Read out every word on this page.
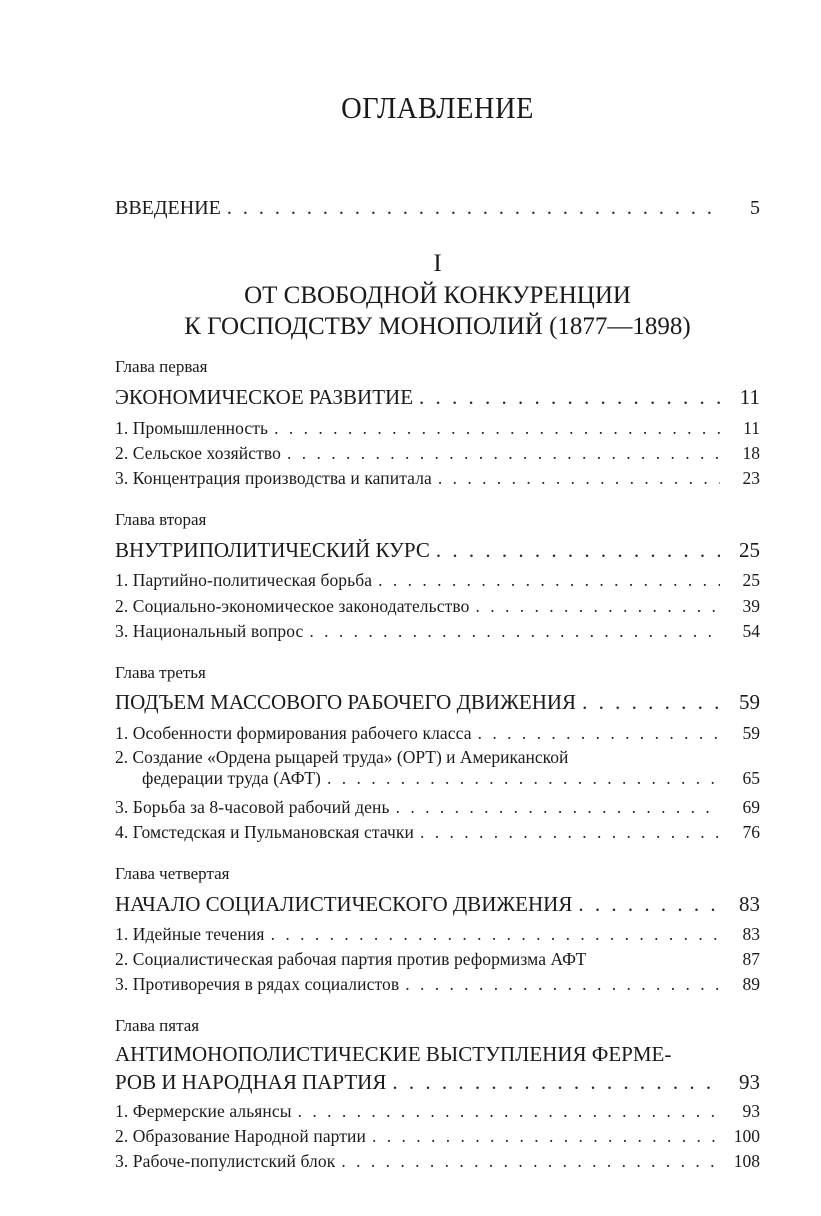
ОГЛАВЛЕНИЕ
ВВЕДЕНИЕ . . .	5
I
ОТ СВОБОДНОЙ КОНКУРЕНЦИИ
К ГОСПОДСТВУ МОНОПОЛИЙ (1877—1898)
Глава первая
ЭКОНОМИЧЕСКОЕ РАЗВИТИЕ . . .	11
1. Промышленность . . .	11
2. Сельское хозяйство . . .	18
3. Концентрация производства и капитала . . .	23
Глава вторая
ВНУТРИПОЛИТИЧЕСКИЙ КУРС . . .	25
1. Партийно-политическая борьба . . .	25
2. Социально-экономическое законодательство . . .	39
3. Национальный вопрос . . .	54
Глава третья
ПОДЪЕМ МАССОВОГО РАБОЧЕГО ДВИЖЕНИЯ . . .	59
1. Особенности формирования рабочего класса . . .	59
2. Создание «Ордена рыцарей труда» (ОРТ) и Американской
федерации труда (АФТ) . . .	65
3. Борьба за 8-часовой рабочий день . . .	69
4. Гомстедская и Пульмановская стачки . . .	76
Глава четвертая
НАЧАЛО СОЦИАЛИСТИЧЕСКОГО ДВИЖЕНИЯ . . .	83
1. Идейные течения . . .	83
2. Социалистическая рабочая партия против реформизма АФТ	87
3. Противоречия в рядах социалистов . . .	89
Глава пятая
АНТИМОНОПОЛИСТИЧЕСКИЕ ВЫСТУПЛЕНИЯ ФЕРМЕ-
РОВ И НАРОДНАЯ ПАРТИЯ . . .	93
1. Фермерские альянсы . . .	93
2. Образование Народной партии . . .	100
3. Рабоче-популистский блок . . .	108
